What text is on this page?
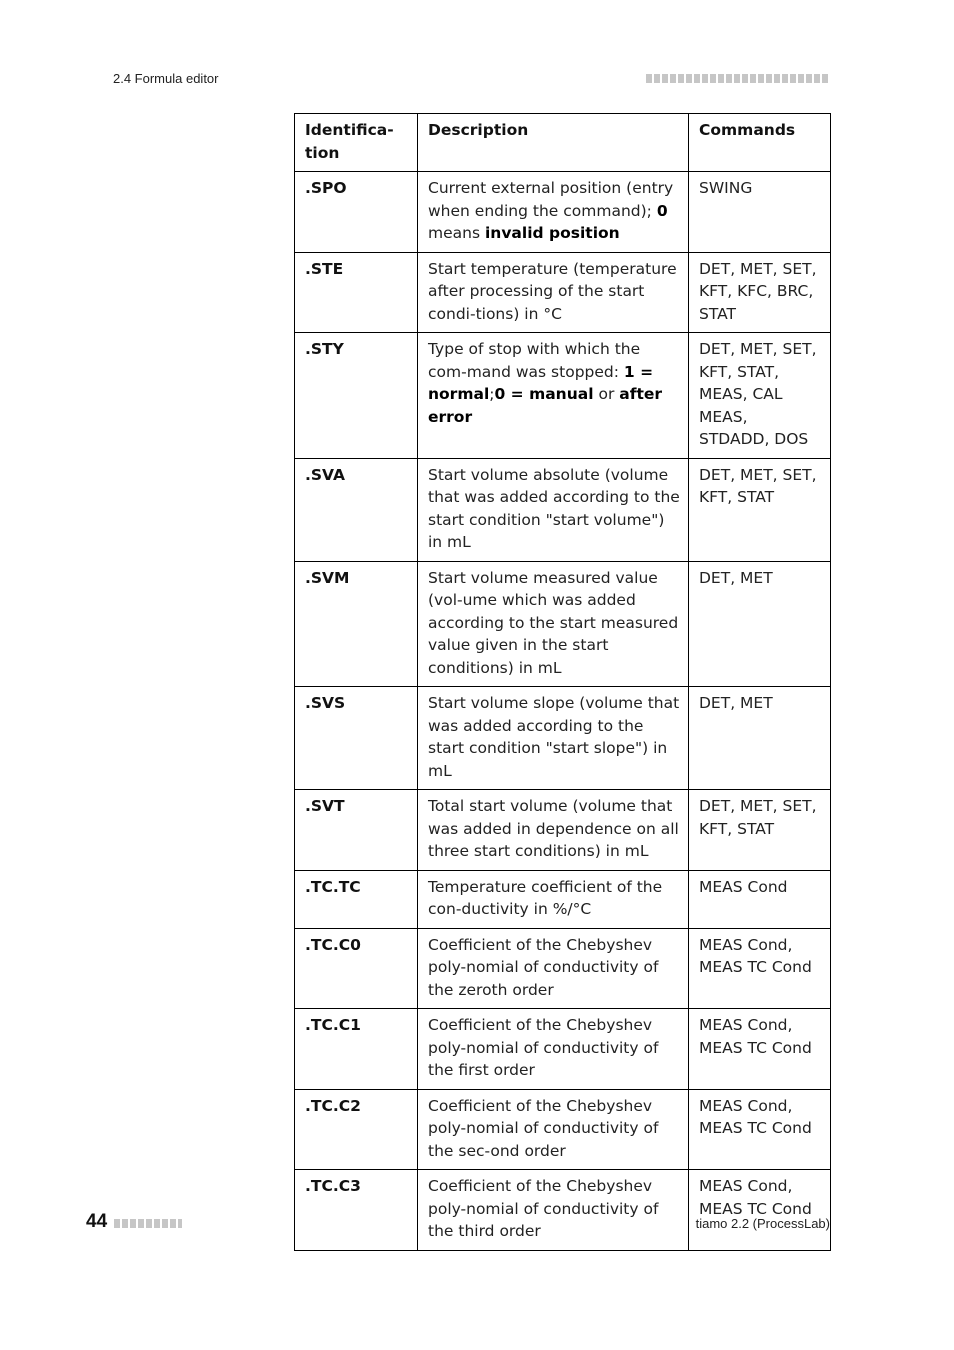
2.4 Formula editor
Identifica-
tion	Description	Commands
.SPO	Current external position (entry when ending the command); 0 means invalid position	SWING
.STE	Start temperature (temperature after processing of the start condi-tions) in °C	DET, MET, SET, KFT, KFC, BRC, STAT
.STY	Type of stop with which the com-mand was stopped: 1 = normal;0 = manual or after error	DET, MET, SET, KFT, STAT, MEAS, CAL MEAS, STDADD, DOS
.SVA	Start volume absolute (volume that was added according to the start condition "start volume") in mL	DET, MET, SET, KFT, STAT
.SVM	Start volume measured value (vol-ume which was added according to the start measured value given in the start conditions) in mL	DET, MET
.SVS	Start volume slope (volume that was added according to the start condition "start slope") in mL	DET, MET
.SVT	Total start volume (volume that was added in dependence on all three start conditions) in mL	DET, MET, SET, KFT, STAT
.TC.TC	Temperature coefficient of the con-ductivity in %/°C	MEAS Cond
.TC.C0	Coefficient of the Chebyshev poly-nomial of conductivity of the zeroth order	MEAS Cond, MEAS TC Cond
.TC.C1	Coefficient of the Chebyshev poly-nomial of conductivity of the first order	MEAS Cond, MEAS TC Cond
.TC.C2	Coefficient of the Chebyshev poly-nomial of conductivity of the sec-ond order	MEAS Cond, MEAS TC Cond
.TC.C3	Coefficient of the Chebyshev poly-nomial of conductivity of the third order	MEAS Cond, MEAS TC Cond
44	tiamo 2.2 (ProcessLab)
